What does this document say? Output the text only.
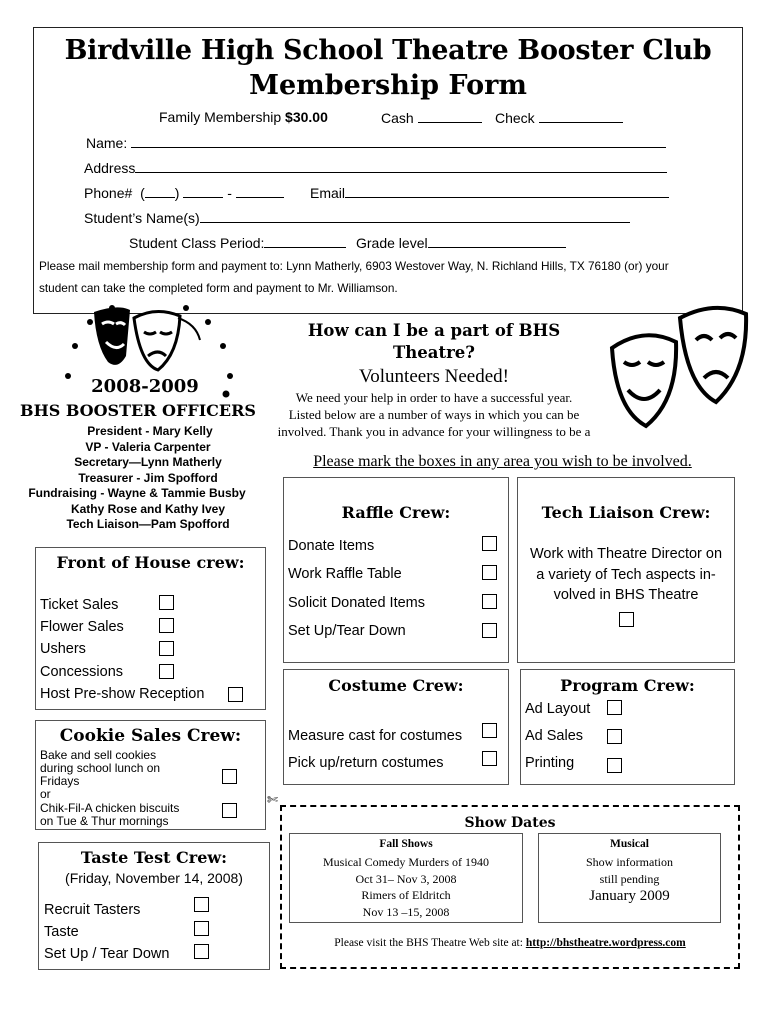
Birdville High School Theatre Booster Club
Membership Form
Family Membership $30.00	Cash	Check
Name:
Address
Phone# ( )	-	Email
Student’s Name(s)
Student Class Period:	Grade level
Please mail membership form and payment to: Lynn Matherly, 6903 Westover Way, N. Richland Hills, TX 76180 (or) your
student can take the completed form and payment to Mr. Williamson.
2008-2009
BHS BOOSTER OFFICERS
President - Mary Kelly
VP - Valeria Carpenter
Secretary—Lynn Matherly
Treasurer - Jim Spofford
Fundraising - Wayne & Tammie Busby
Kathy Rose and Kathy Ivey
Tech Liaison—Pam Spofford
How can I be a part of BHS
Theatre?
Volunteers Needed!
We need your help in order to have a successful year.
Listed below are a number of ways in which you can be
involved. Thank you in advance for your willingness to be a
Please mark the boxes in any area you wish to be involved.
Front of House crew:
Ticket Sales
Flower Sales
Ushers
Concessions
Host Pre-show Reception
Cookie Sales Crew:
Bake and sell cookies
during school lunch on
Fridays
or
Chik-Fil-A chicken biscuits
on Tue & Thur mornings
Taste Test Crew:
(Friday, November 14, 2008)
Recruit Tasters
Taste
Set Up / Tear Down
Raffle Crew:
Donate Items
Work Raffle Table
Solicit Donated Items
Set Up/Tear Down
Tech Liaison Crew:
Work with Theatre Director on
a variety of Tech aspects in-
volved in BHS Theatre
Costume Crew:
Measure cast for costumes
Pick up/return costumes
Program Crew:
Ad Layout
Ad Sales
Printing
✄
Show Dates
Fall Shows
Musical Comedy Murders of 1940
Oct 31– Nov 3, 2008
Rimers of Eldritch
Nov 13 –15, 2008
Musical
Show information
still pending
January 2009
Please visit the BHS Theatre Web site at: http://bhstheatre.wordpress.com
